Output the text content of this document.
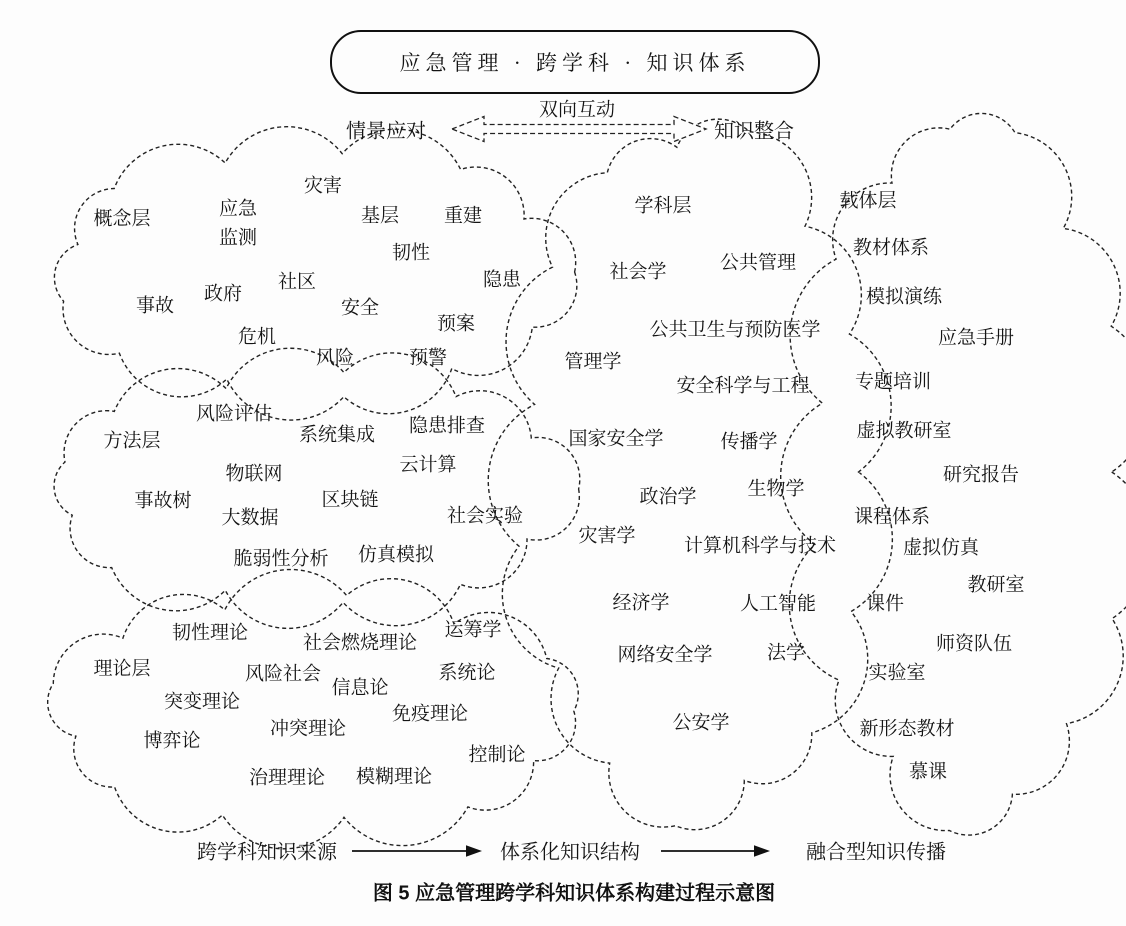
应急管理 · 跨学科 · 知识体系
情景应对
双向互动
知识整合
概念层
灾害
应急	基层 重建
监测
韧性
隐患
社区
政府
事故	安全
预案
危机
风险	预警
方法层
风险评估
系统集成 隐患排查
物联网	云计算
事故树	区块链
大数据	社会实验
脆弱性分析 仿真模拟
理论层
韧性理论	社会燃烧理论
运筹学
风险社会	系统论
信息论
突变理论
免疫理论
冲突理论
博弈论
控制论
治理理论 模糊理论
学科层
社会学	公共管理
公共卫生与预防医学
管理学
安全科学与工程
国家安全学	传播学
政治学	生物学
灾害学	计算机科学与技术
经济学	人工智能
网络安全学	法学
公安学
载体层
教材体系
模拟演练
应急手册
专题培训
虚拟教研室
研究报告
课程体系
虚拟仿真
教研室
课件
师资队伍
实验室
新形态教材
慕课
跨学科知识来源	体系化知识结构	融合型知识传播
图 5 应急管理跨学科知识体系构建过程示意图
